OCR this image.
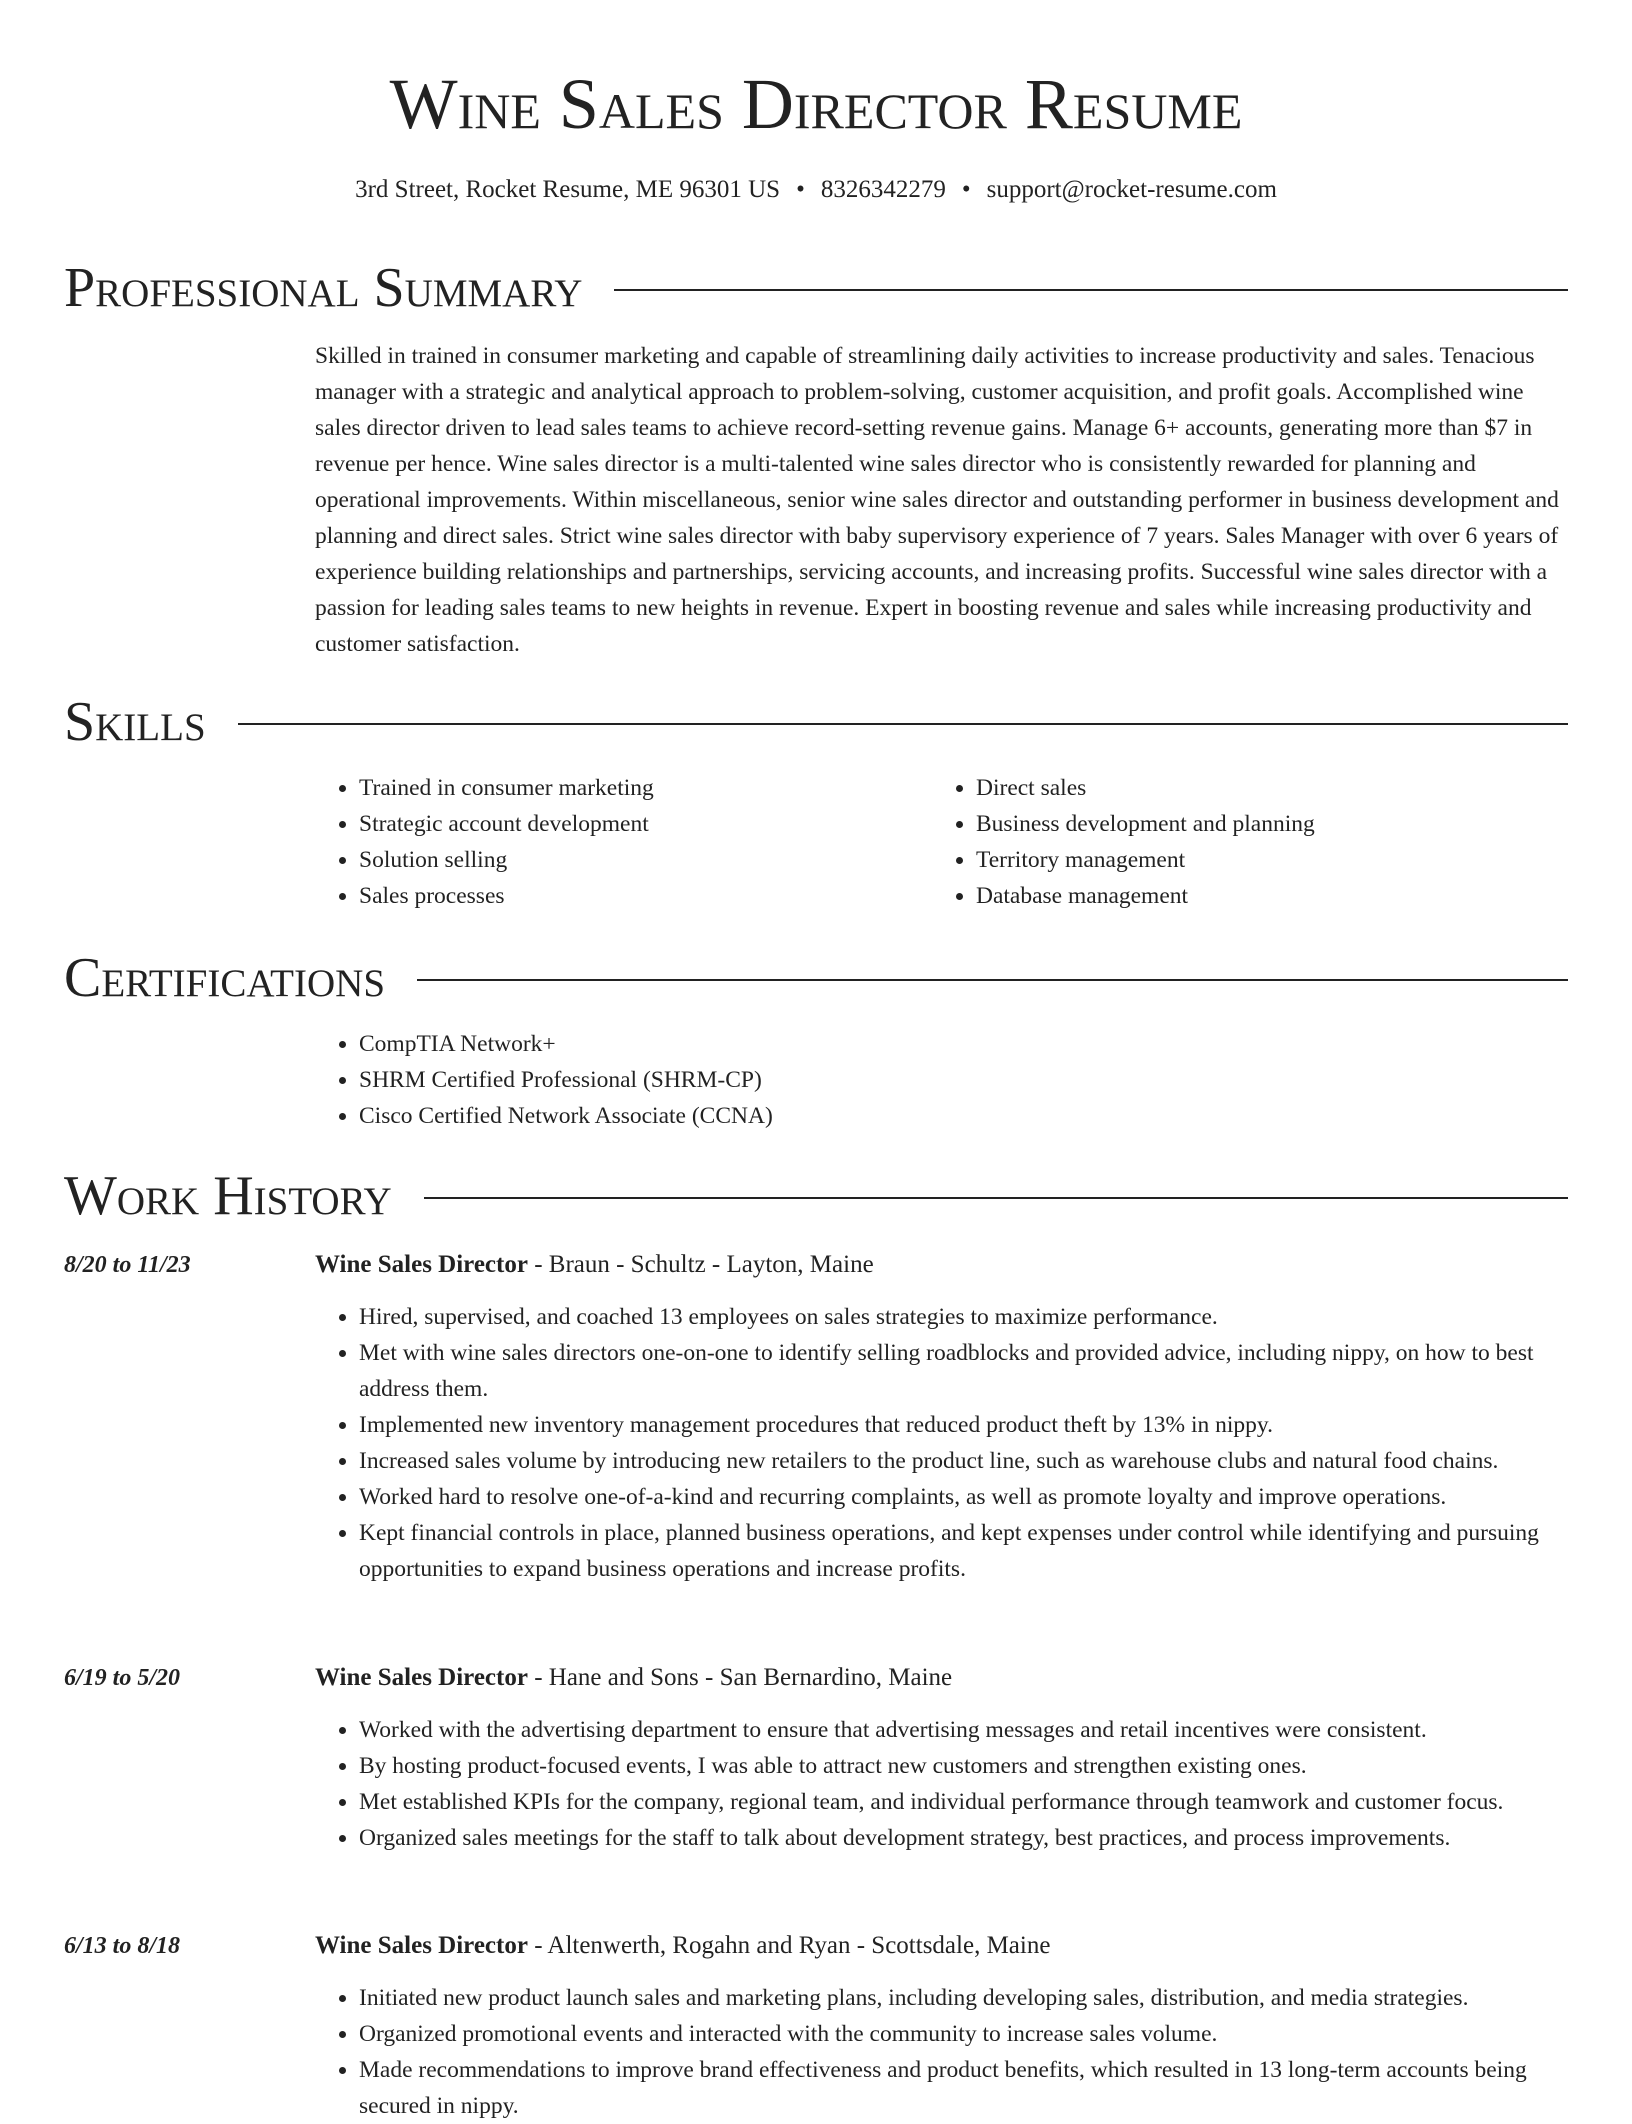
Wine Sales Director Resume
3rd Street, Rocket Resume, ME 96301 US • 8326342279 • support@rocket-resume.com
Professional Summary

Skilled in trained in consumer marketing and capable of streamlining daily activities to increase productivity and sales. Tenacious manager with a strategic and analytical approach to problem-solving, customer acquisition, and profit goals. Accomplished wine sales director driven to lead sales teams to achieve record-setting revenue gains. Manage 6+ accounts, generating more than $7 in revenue per hence. Wine sales director is a multi-talented wine sales director who is consistently rewarded for planning and operational improvements. Within miscellaneous, senior wine sales director and outstanding performer in business development and planning and direct sales. Strict wine sales director with baby supervisory experience of 7 years. Sales Manager with over 6 years of experience building relationships and partnerships, servicing accounts, and increasing profits. Successful wine sales director with a passion for leading sales teams to new heights in revenue. Expert in boosting revenue and sales while increasing productivity and customer satisfaction.

Skills
• Trained in consumer marketing
• Strategic account development
• Solution selling
• Sales processes
• Direct sales
• Business development and planning
• Territory management
• Database management
Certifications
• CompTIA Network+
• SHRM Certified Professional (SHRM-CP)
• Cisco Certified Network Associate (CCNA)
Work History
8/20 to 11/23	Wine Sales Director - Braun - Schultz - Layton, Maine
• Hired, supervised, and coached 13 employees on sales strategies to maximize performance.
• Met with wine sales directors one-on-one to identify selling roadblocks and provided advice, including nippy, on how to best address them.
• Implemented new inventory management procedures that reduced product theft by 13% in nippy.
• Increased sales volume by introducing new retailers to the product line, such as warehouse clubs and natural food chains.
• Worked hard to resolve one-of-a-kind and recurring complaints, as well as promote loyalty and improve operations.
• Kept financial controls in place, planned business operations, and kept expenses under control while identifying and pursuing opportunities to expand business operations and increase profits.
6/19 to 5/20	Wine Sales Director - Hane and Sons - San Bernardino, Maine
• Worked with the advertising department to ensure that advertising messages and retail incentives were consistent.
• By hosting product-focused events, I was able to attract new customers and strengthen existing ones.
• Met established KPIs for the company, regional team, and individual performance through teamwork and customer focus.
• Organized sales meetings for the staff to talk about development strategy, best practices, and process improvements.
6/13 to 8/18	Wine Sales Director - Altenwerth, Rogahn and Ryan - Scottsdale, Maine
• Initiated new product launch sales and marketing plans, including developing sales, distribution, and media strategies.
• Organized promotional events and interacted with the community to increase sales volume.
• Made recommendations to improve brand effectiveness and product benefits, which resulted in 13 long-term accounts being secured in nippy.
